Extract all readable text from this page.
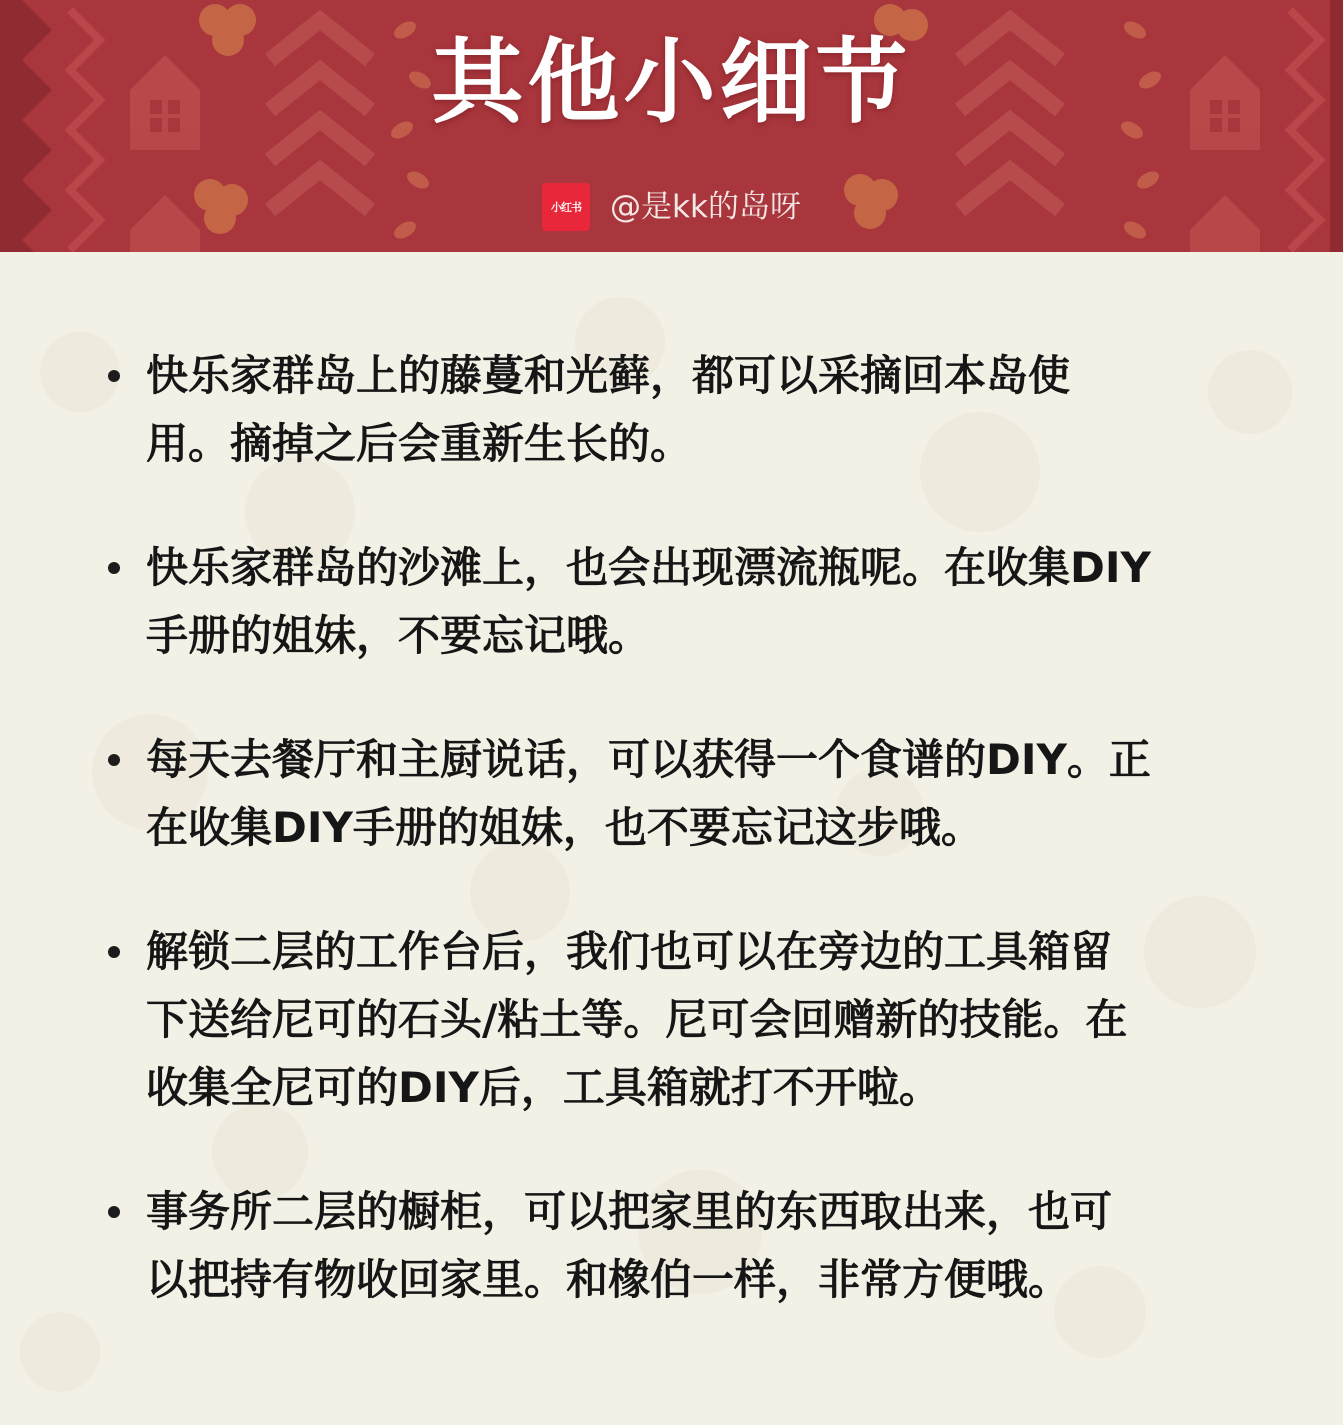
其他小细节
小红书 @是kk的岛呀
快乐家群岛上的藤蔓和光藓，都可以采摘回本岛使
用。摘掉之后会重新生长的。
快乐家群岛的沙滩上，也会出现漂流瓶呢。在收集DIY
手册的姐妹，不要忘记哦。
每天去餐厅和主厨说话，可以获得一个食谱的DIY。正
在收集DIY手册的姐妹，也不要忘记这步哦。
解锁二层的工作台后，我们也可以在旁边的工具箱留
下送给尼可的石头/粘土等。尼可会回赠新的技能。在
收集全尼可的DIY后，工具箱就打不开啦。
事务所二层的橱柜，可以把家里的东西取出来，也可
以把持有物收回家里。和橡伯一样，非常方便哦。
